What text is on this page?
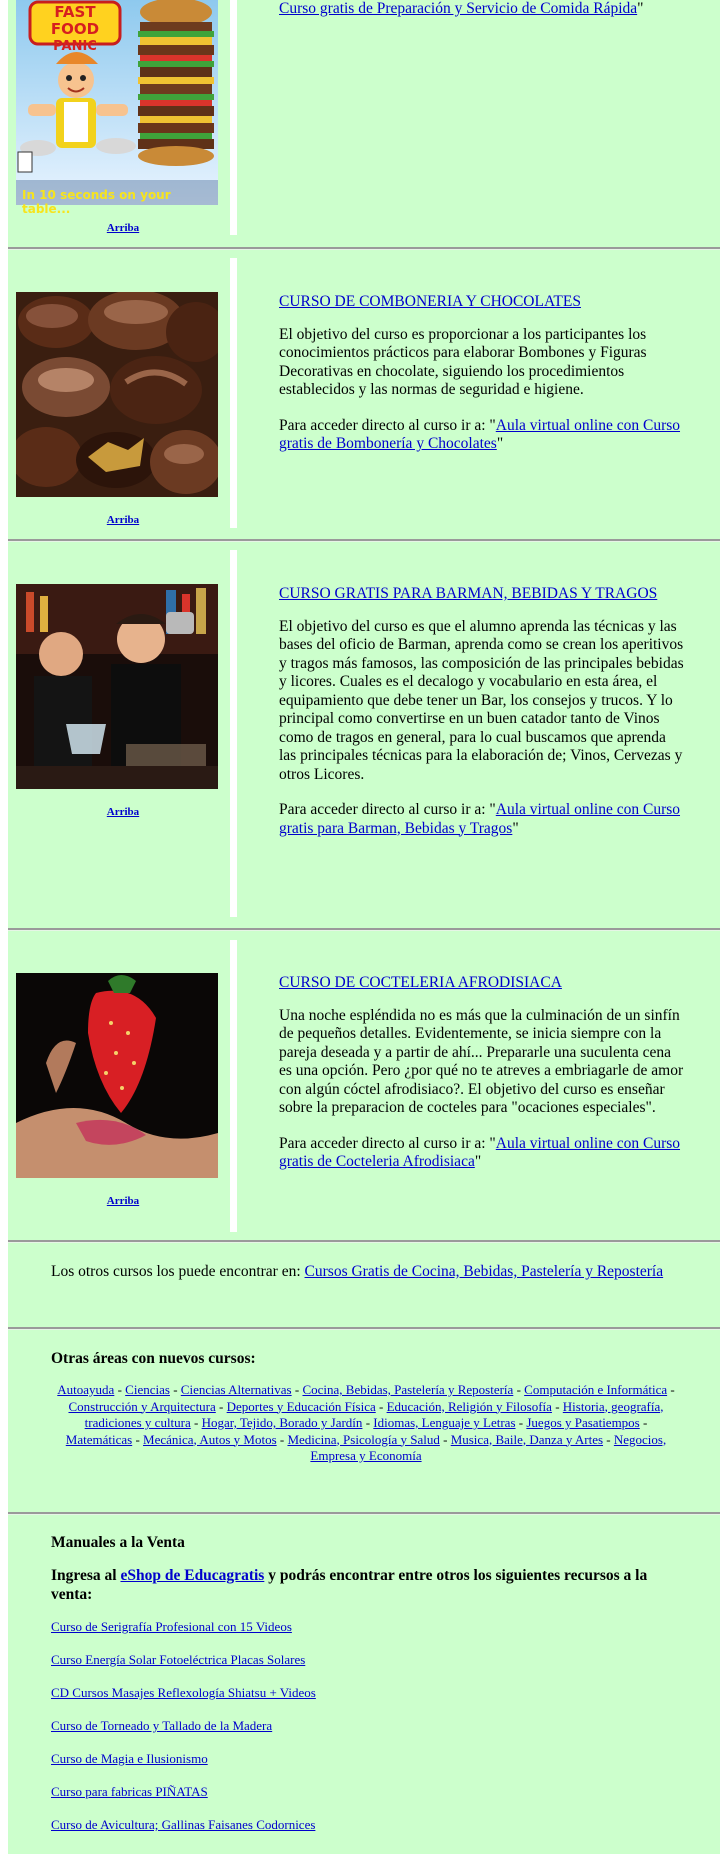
FAST FOOD
PANIC
In 10 seconds on your table...
Arriba
Curso gratis de Preparación y Servicio de Comida Rápida"
Arriba
CURSO DE COMBONERIA Y CHOCOLATES

El objetivo del curso es proporcionar a los participantes los conocimientos prácticos para elaborar Bombones y Figuras Decorativas en chocolate, siguiendo los procedimientos establecidos y las normas de seguridad e higiene.

Para acceder directo al curso ir a: "Aula virtual online con Curso gratis de Bombonería y Chocolates"

Arriba
CURSO GRATIS PARA BARMAN, BEBIDAS Y TRAGOS

El objetivo del curso es que el alumno aprenda las técnicas y las bases del oficio de Barman, aprenda como se crean los aperitivos y tragos más famosos, las composición de las principales bebidas y licores. Cuales es el decalogo y vocabulario en esta área, el equipamiento que debe tener un Bar, los consejos y trucos. Y lo principal como convertirse en un buen catador tanto de Vinos como de tragos en general, para lo cual buscamos que aprenda las principales técnicas para la elaboración de; Vinos, Cervezas y otros Licores.

Para acceder directo al curso ir a: "Aula virtual online con Curso gratis para Barman, Bebidas y Tragos"

Arriba
CURSO DE COCTELERIA AFRODISIACA

Una noche espléndida no es más que la culminación de un sinfín de pequeños detalles. Evidentemente, se inicia siempre con la pareja deseada y a partir de ahí... Prepararle una suculenta cena es una opción. Pero ¿por qué no te atreves a embriagarle de amor con algún cóctel afrodisiaco?. El objetivo del curso es enseñar sobre la preparacion de cocteles para "ocaciones especiales".

Para acceder directo al curso ir a: "Aula virtual online con Curso gratis de Cocteleria Afrodisiaca"

Los otros cursos los puede encontrar en: Cursos Gratis de Cocina, Bebidas, Pastelería y Repostería
Otras áreas con nuevos cursos:
Autoayuda - Ciencias - Ciencias Alternativas - Cocina, Bebidas, Pastelería y Repostería - Computación e Informática - Construcción y Arquitectura - Deportes y Educación Física - Educación, Religión y Filosofía - Historia, geografía, tradiciones y cultura - Hogar, Tejido, Borado y Jardín - Idiomas, Lenguaje y Letras - Juegos y Pasatiempos - Matemáticas - Mecánica, Autos y Motos - Medicina, Psicología y Salud - Musica, Baile, Danza y Artes - Negocios, Empresa y Economía
Manuales a la Venta
Ingresa al eShop de Educagratis y podrás encontrar entre otros los siguientes recursos a la venta:
Curso de Serigrafía Profesional con 15 Videos
Curso Energía Solar Fotoeléctrica Placas Solares
CD Cursos Masajes Reflexología Shiatsu + Videos
Curso de Torneado y Tallado de la Madera
Curso de Magia e Ilusionismo
Curso para fabricas PIÑATAS
Curso de Avicultura; Gallinas Faisanes Codornices
